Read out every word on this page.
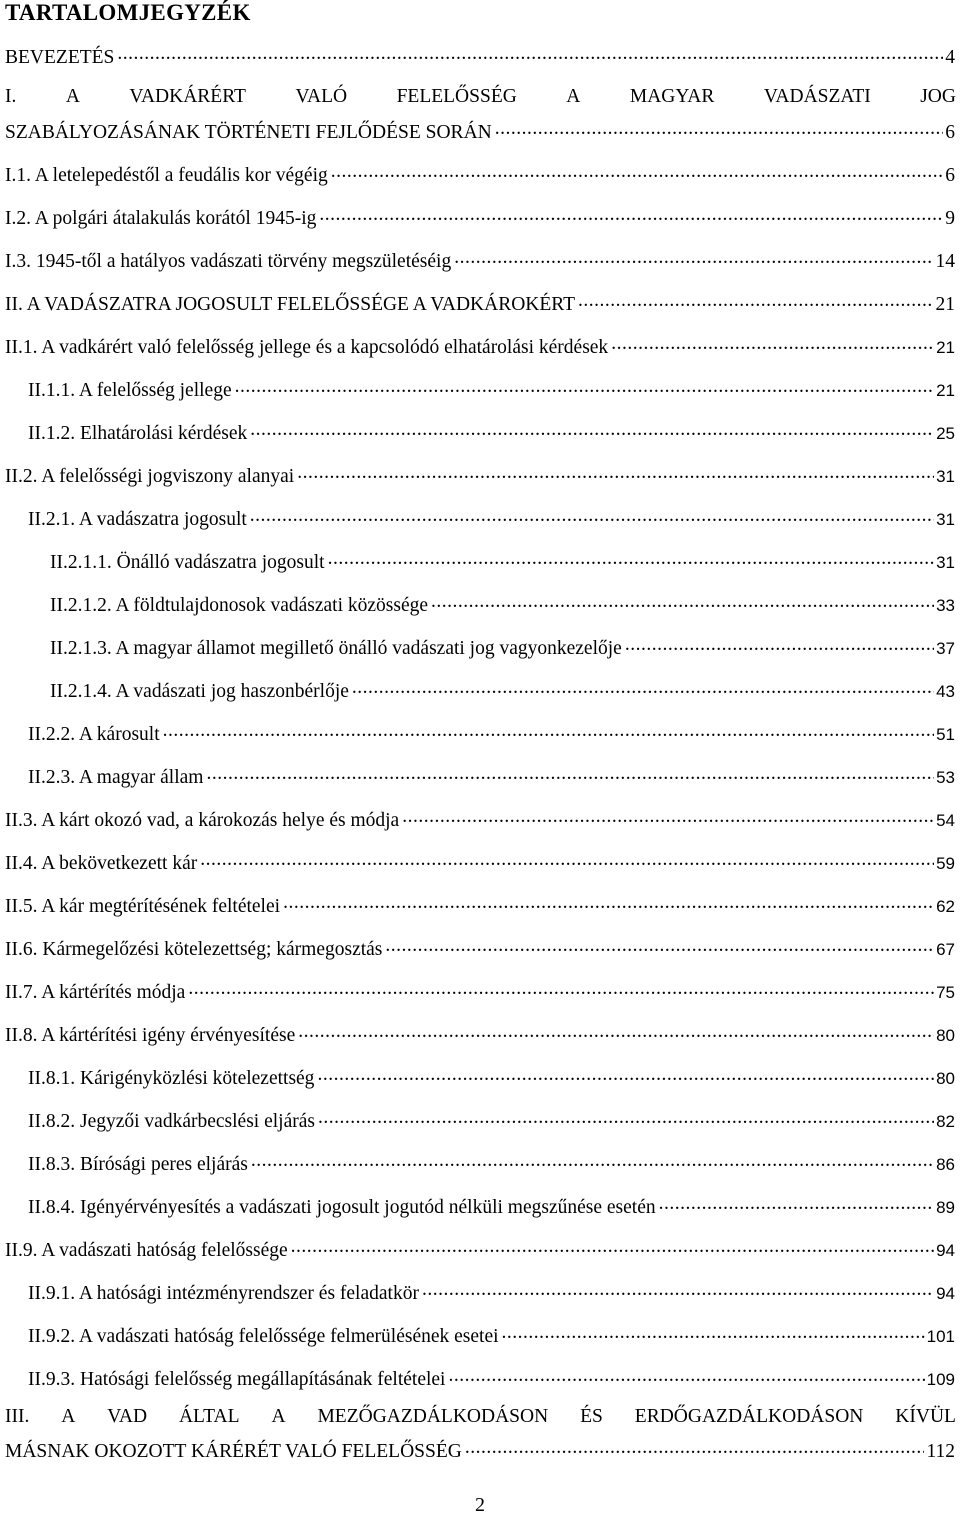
TARTALOMJEGYZÉK
BEVEZETÉS .....	4
I.	A	VADKÁRÉRT	VALÓ	FELELŐSSÉG	A	MAGYAR	VADÁSZATI	JOG
SZABÁLYOZÁSÁNAK TÖRTÉNETI FEJLŐDÉSE SORÁN .....	6
I.1. A letelepedéstől a feudális kor végéig .....	6
I.2. A polgári átalakulás korától 1945-ig .....	9
I.3. 1945-től a hatályos vadászati törvény megszületéséig .....	14
II. A VADÁSZATRA JOGOSULT FELELŐSSÉGE A VADKÁROKÉRT .....	21
II.1. A vadkárért való felelősség jellege és a kapcsolódó elhatárolási kérdések .....	21
II.1.1. A felelősség jellege .....	21
II.1.2. Elhatárolási kérdések .....	25
II.2. A felelősségi jogviszony alanyai .....	31
II.2.1. A vadászatra jogosult .....	31
II.2.1.1. Önálló vadászatra jogosult .....	31
II.2.1.2. A földtulajdonosok vadászati közössége .....	33
II.2.1.3. A magyar államot megillető önálló vadászati jog vagyonkezelője .....	37
II.2.1.4. A vadászati jog haszonbérlője .....	43
II.2.2. A károsult .....	51
II.2.3. A magyar állam .....	53
II.3. A kárt okozó vad, a károkozás helye és módja .....	54
II.4. A bekövetkezett kár .....	59
II.5. A kár megtérítésének feltételei .....	62
II.6. Kármegelőzési kötelezettség; kármegosztás .....	67
II.7. A kártérítés módja .....	75
II.8. A kártérítési igény érvényesítése .....	80
II.8.1. Kárigényközlési kötelezettség .....	80
II.8.2. Jegyzői vadkárbecslési eljárás .....	82
II.8.3. Bírósági peres eljárás .....	86
II.8.4. Igényérvényesítés a vadászati jogosult jogutód nélküli megszűnése esetén .....	89
II.9. A vadászati hatóság felelőssége .....	94
II.9.1. A hatósági intézményrendszer és feladatkör .....	94
II.9.2. A vadászati hatóság felelőssége felmerülésének esetei .....	101
II.9.3. Hatósági felelősség megállapításának feltételei .....	109
III. A VAD ÁLTAL A MEZŐGAZDÁLKODÁSON ÉS ERDŐGAZDÁLKODÁSON KÍVÜL
MÁSNAK OKOZOTT KÁRÉRÉT VALÓ FELELŐSSÉG .....	112
2
